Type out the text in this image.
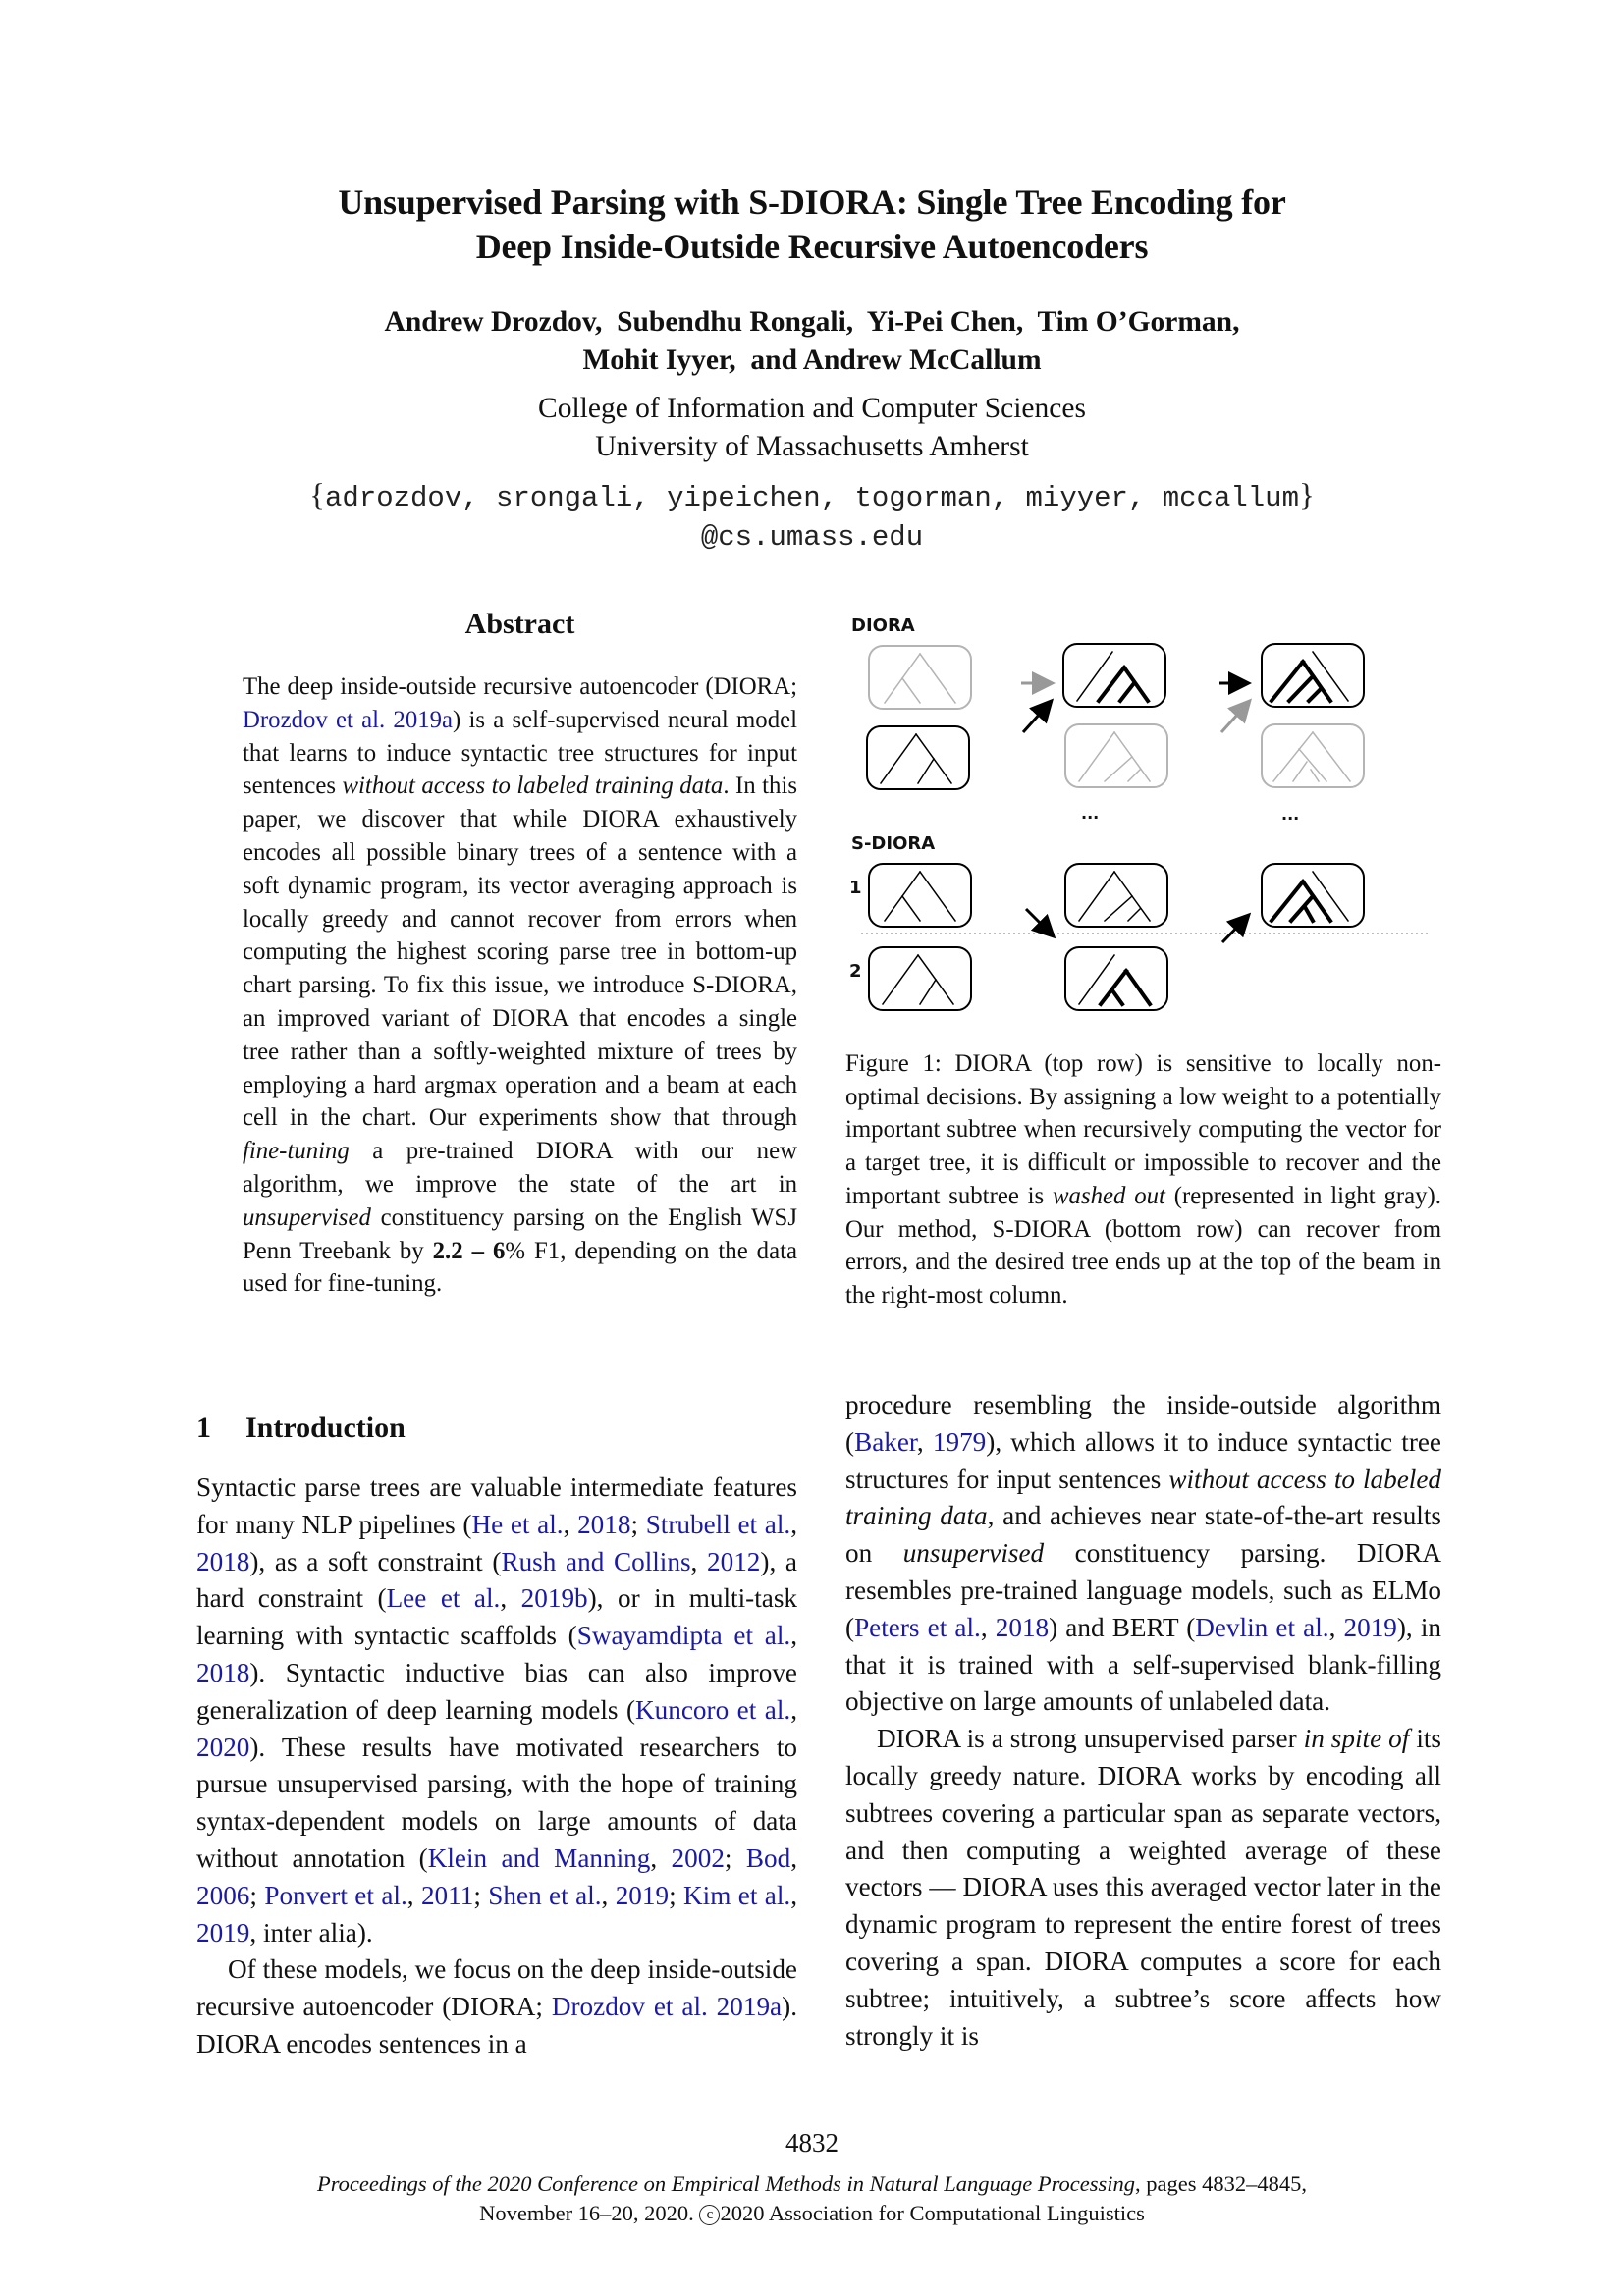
Unsupervised Parsing with S-DIORA: Single Tree Encoding for
Deep Inside-Outside Recursive Autoencoders
Andrew Drozdov,  Subendhu Rongali,  Yi-Pei Chen,  Tim O’Gorman,
Mohit Iyyer,  and Andrew McCallum
College of Information and Computer Sciences
University of Massachusetts Amherst
{adrozdov, srongali, yipeichen, togorman, miyyer, mccallum}
@cs.umass.edu
Abstract

The deep inside-outside recursive autoencoder (DIORA; Drozdov et al. 2019a) is a self-supervised neural model that learns to induce syntactic tree structures for input sentences without access to labeled training data. In this paper, we discover that while DIORA exhaustively encodes all possible binary trees of a sentence with a soft dynamic program, its vector averaging approach is locally greedy and cannot recover from errors when computing the highest scoring parse tree in bottom-up chart parsing. To fix this issue, we introduce S-DIORA, an improved variant of DIORA that encodes a single tree rather than a softly-weighted mixture of trees by employing a hard argmax operation and a beam at each cell in the chart. Our experiments show that through fine-tuning a pre-trained DIORA with our new algorithm, we improve the state of the art in unsupervised constituency parsing on the English WSJ Penn Treebank by 2.2 – 6% F1, depending on the data used for fine-tuning.

1 Introduction

Syntactic parse trees are valuable intermediate features for many NLP pipelines (He et al., 2018; Strubell et al., 2018), as a soft constraint (Rush and Collins, 2012), a hard constraint (Lee et al., 2019b), or in multi-task learning with syntactic scaffolds (Swayamdipta et al., 2018). Syntactic inductive bias can also improve generalization of deep learning models (Kuncoro et al., 2020). These results have motivated researchers to pursue unsupervised parsing, with the hope of training syntax-dependent models on large amounts of data without annotation (Klein and Manning, 2002; Bod, 2006; Ponvert et al., 2011; Shen et al., 2019; Kim et al., 2019, inter alia).

Of these models, we focus on the deep inside-outside recursive autoencoder (DIORA; Drozdov et al. 2019a). DIORA encodes sentences in a

DIORA
S-DIORA
1
2
...	...

Figure 1: DIORA (top row) is sensitive to locally non-optimal decisions. By assigning a low weight to a potentially important subtree when recursively computing the vector for a target tree, it is difficult or impossible to recover and the important subtree is washed out (represented in light gray). Our method, S-DIORA (bottom row) can recover from errors, and the desired tree ends up at the top of the beam in the right-most column.

procedure resembling the inside-outside algorithm (Baker, 1979), which allows it to induce syntactic tree structures for input sentences without access to labeled training data, and achieves near state-of-the-art results on unsupervised constituency parsing. DIORA resembles pre-trained language models, such as ELMo (Peters et al., 2018) and BERT (Devlin et al., 2019), in that it is trained with a self-supervised blank-filling objective on large amounts of unlabeled data.

DIORA is a strong unsupervised parser in spite of its locally greedy nature. DIORA works by encoding all subtrees covering a particular span as separate vectors, and then computing a weighted average of these vectors — DIORA uses this averaged vector later in the dynamic program to represent the entire forest of trees covering a span. DIORA computes a score for each subtree; intuitively, a subtree’s score affects how strongly it is

4832
Proceedings of the 2020 Conference on Empirical Methods in Natural Language Processing, pages 4832–4845,
November 16–20, 2020. c 2020 Association for Computational Linguistics
